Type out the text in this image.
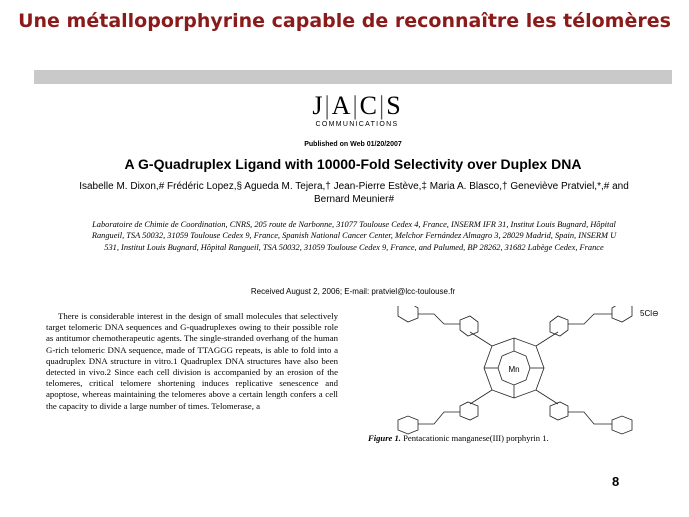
Une métalloporphyrine capable de reconnaître les télomères
J|A|C|S
COMMUNICATIONS
Published on Web 01/20/2007
A G-Quadruplex Ligand with 10000-Fold Selectivity over Duplex DNA
Isabelle M. Dixon,# Frédéric Lopez,§ Agueda M. Tejera,† Jean-Pierre Estève,‡ Maria A. Blasco,† Geneviève Pratviel,*,# and Bernard Meunier#
Laboratoire de Chimie de Coordination, CNRS, 205 route de Narbonne, 31077 Toulouse Cedex 4, France, INSERM IFR 31, Institut Louis Bugnard, Hôpital Rangueil, TSA 50032, 31059 Toulouse Cedex 9, France, Spanish National Cancer Center, Melchor Fernández Almagro 3, 28029 Madrid, Spain, INSERM U 531, Institut Louis Bugnard, Hôpital Rangueil, TSA 50032, 31059 Toulouse Cedex 9, France, and Palumed, BP 28262, 31682 Labège Cedex, France
Received August 2, 2006; E-mail: pratviel@lcc-toulouse.fr

There is considerable interest in the design of small molecules that selectively target telomeric DNA sequences and G-quadruplexes owing to their possible role as antitumor chemotherapeutic agents. The single-stranded overhang of the human G-rich telomeric DNA sequence, made of TTAGGG repeats, is able to fold into a quadruplex DNA structure in vitro.1 Quadruplex DNA structures have also been detected in vivo.2 Since each cell division is accompanied by an erosion of the telomeres, critical telomere shortening induces replicative senescence and apoptose, whereas maintaining the telomeres above a certain length confers a cell the capacity to divide a large number of times. Telomerase, a

Mn
5Cl⊖
Figure 1. Pentacationic manganese(III) porphyrin 1.
8
